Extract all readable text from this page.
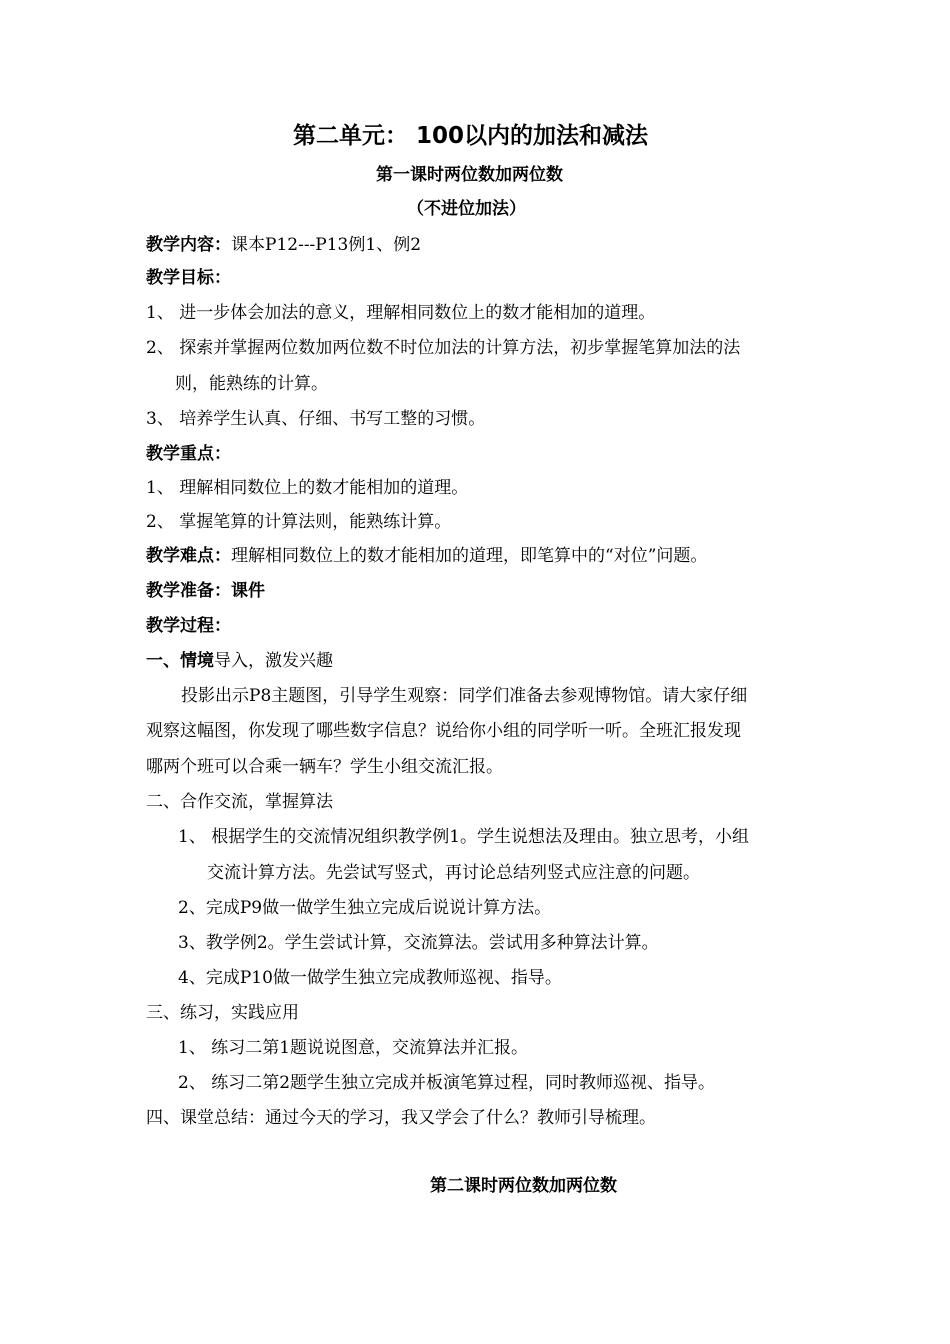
第二单元： 100以内的加法和减法
第一课时两位数加两位数
（不进位加法）
教学内容：课本P12---P13例1、例2
教学目标：
1、 进一步体会加法的意义，理解相同数位上的数才能相加的道理。
2、 探索并掌握两位数加两位数不时位加法的计算方法，初步掌握笔算加法的法
则，能熟练的计算。
3、 培养学生认真、仔细、书写工整的习惯。
教学重点：
1、 理解相同数位上的数才能相加的道理。
2、 掌握笔算的计算法则，能熟练计算。
教学难点：理解相同数位上的数才能相加的道理，即笔算中的“对位”问题。
教学准备：课件
教学过程：
一、情境导入，激发兴趣
投影出示P8主题图，引导学生观察：同学们准备去参观博物馆。请大家仔细
观察这幅图，你发现了哪些数字信息？说给你小组的同学听一听。全班汇报发现
哪两个班可以合乘一辆车？学生小组交流汇报。
二、合作交流，掌握算法
1、 根据学生的交流情况组织教学例1。学生说想法及理由。独立思考，小组
交流计算方法。先尝试写竖式，再讨论总结列竖式应注意的问题。
2、完成P9做一做学生独立完成后说说计算方法。
3、教学例2。学生尝试计算，交流算法。尝试用多种算法计算。
4、完成P10做一做学生独立完成教师巡视、指导。
三、练习，实践应用
1、 练习二第1题说说图意，交流算法并汇报。
2、 练习二第2题学生独立完成并板演笔算过程，同时教师巡视、指导。
四、课堂总结：通过今天的学习，我又学会了什么？教师引导梳理。
第二课时两位数加两位数
